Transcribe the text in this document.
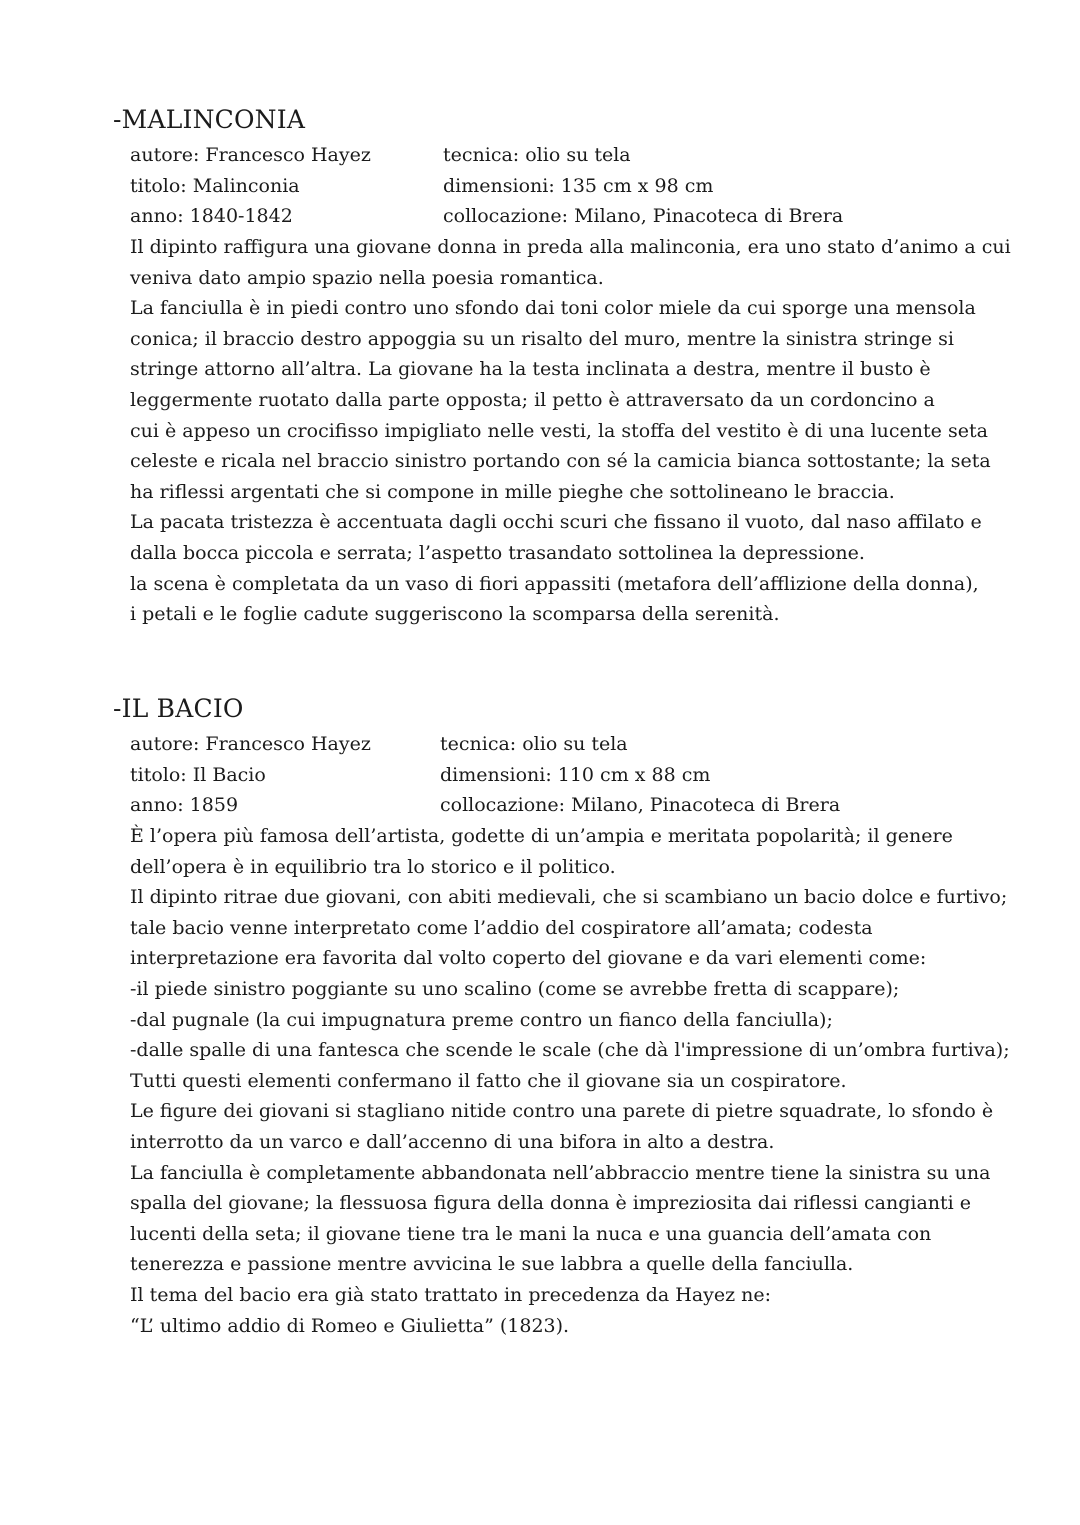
-MALINCONIA
autore: Francesco Hayez
titolo: Malinconia
anno: 1840-1842
tecnica: olio su tela
dimensioni: 135 cm x 98 cm
collocazione: Milano, Pinacoteca di Brera

Il dipinto raffigura una giovane donna in preda alla malinconia, era uno stato d’animo a cui
veniva dato ampio spazio nella poesia romantica.
La fanciulla è in piedi contro uno sfondo dai toni color miele da cui sporge una mensola
conica; il braccio destro appoggia su un risalto del muro, mentre la sinistra stringe si
stringe attorno all’altra. La giovane ha la testa inclinata a destra, mentre il busto è
leggermente ruotato dalla parte opposta; il petto è attraversato da un cordoncino a
cui è appeso un crocifisso impigliato nelle vesti, la stoffa del vestito è di una lucente seta
celeste e ricala nel braccio sinistro portando con sé la camicia bianca sottostante; la seta
ha riflessi argentati che si compone in mille pieghe che sottolineano le braccia.
La pacata tristezza è accentuata dagli occhi scuri che fissano il vuoto, dal naso affilato e
dalla bocca piccola e serrata; l’aspetto trasandato sottolinea la depressione.
la scena è completata da un vaso di fiori appassiti (metafora dell’afflizione della donna),
i petali e le foglie cadute suggeriscono la scomparsa della serenità.

-IL BACIO
autore: Francesco Hayez
titolo: Il Bacio
anno: 1859
tecnica: olio su tela
dimensioni: 110 cm x 88 cm
collocazione: Milano, Pinacoteca di Brera

È l’opera più famosa dell’artista, godette di un’ampia e meritata popolarità; il genere
dell’opera è in equilibrio tra lo storico e il politico.
Il dipinto ritrae due giovani, con abiti medievali, che si scambiano un bacio dolce e furtivo;
tale bacio venne interpretato come l’addio del cospiratore all’amata; codesta
interpretazione era favorita dal volto coperto del giovane e da vari elementi come:
-il piede sinistro poggiante su uno scalino (come se avrebbe fretta di scappare);
-dal pugnale (la cui impugnatura preme contro un fianco della fanciulla);
-dalle spalle di una fantesca che scende le scale (che dà l'impressione di un’ombra furtiva);
Tutti questi elementi confermano il fatto che il giovane sia un cospiratore.
Le figure dei giovani si stagliano nitide contro una parete di pietre squadrate, lo sfondo è
interrotto da un varco e dall’accenno di una bifora in alto a destra.
La fanciulla è completamente abbandonata nell’abbraccio mentre tiene la sinistra su una
spalla del giovane; la flessuosa figura della donna è impreziosita dai riflessi cangianti e
lucenti della seta; il giovane tiene tra le mani la nuca e una guancia dell’amata con
tenerezza e passione mentre avvicina le sue labbra a quelle della fanciulla.
Il tema del bacio era già stato trattato in precedenza da Hayez ne:
“L’ ultimo addio di Romeo e Giulietta” (1823).
